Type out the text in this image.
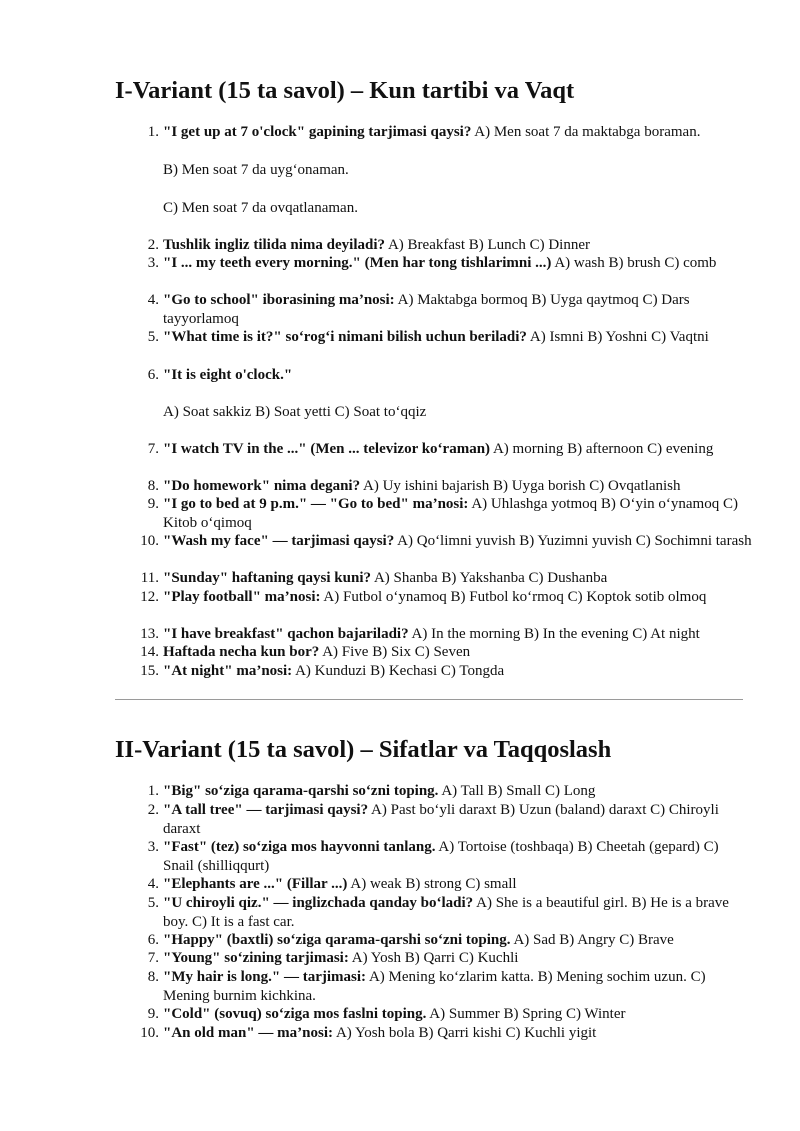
I-Variant (15 ta savol) – Kun tartibi va Vaqt
1. "I get up at 7 o'clock" gapining tarjimasi qaysi? A) Men soat 7 da maktabga boraman.
B) Men soat 7 da uyg‘onaman.
C) Men soat 7 da ovqatlanaman.
2. Tushlik ingliz tilida nima deyiladi? A) Breakfast B) Lunch C) Dinner
3. "I ... my teeth every morning." (Men har tong tishlarimni ...) A) wash B) brush C) comb
4. "Go to school" iborasining ma’nosi: A) Maktabga bormoq B) Uyga qaytmoq C) Dars tayyorlamoq
5. "What time is it?" so‘rog‘i nimani bilish uchun beriladi? A) Ismni B) Yoshni C) Vaqtni
6. "It is eight o'clock."
A) Soat sakkiz B) Soat yetti C) Soat to‘qqiz
7. "I watch TV in the ..." (Men ... televizor ko‘raman) A) morning B) afternoon C) evening
8. "Do homework" nima degani? A) Uy ishini bajarish B) Uyga borish C) Ovqatlanish
9. "I go to bed at 9 p.m." — "Go to bed" ma’nosi: A) Uhlashga yotmoq B) O‘yin o‘ynamoq C) Kitob o‘qimoq
10. "Wash my face" — tarjimasi qaysi? A) Qo‘limni yuvish B) Yuzimni yuvish C) Sochimni tarash
11. "Sunday" haftaning qaysi kuni? A) Shanba B) Yakshanba C) Dushanba
12. "Play football" ma’nosi: A) Futbol o‘ynamoq B) Futbol ko‘rmoq C) Koptok sotib olmoq
13. "I have breakfast" qachon bajariladi? A) In the morning B) In the evening C) At night
14. Haftada necha kun bor? A) Five B) Six C) Seven
15. "At night" ma’nosi: A) Kunduzi B) Kechasi C) Tongda
II-Variant (15 ta savol) – Sifatlar va Taqqoslash
1. "Big" so‘ziga qarama-qarshi so‘zni toping. A) Tall B) Small C) Long
2. "A tall tree" — tarjimasi qaysi? A) Past bo‘yli daraxt B) Uzun (baland) daraxt C) Chiroyli daraxt
3. "Fast" (tez) so‘ziga mos hayvonni tanlang. A) Tortoise (toshbaqa) B) Cheetah (gepard) C) Snail (shilliqqurt)
4. "Elephants are ..." (Fillar ...) A) weak B) strong C) small
5. "U chiroyli qiz." — inglizchada qanday bo‘ladi? A) She is a beautiful girl. B) He is a brave boy. C) It is a fast car.
6. "Happy" (baxtli) so‘ziga qarama-qarshi so‘zni toping. A) Sad B) Angry C) Brave
7. "Young" so‘zining tarjimasi: A) Yosh B) Qarri C) Kuchli
8. "My hair is long." — tarjimasi: A) Mening ko‘zlarim katta. B) Mening sochim uzun. C) Mening burnim kichkina.
9. "Cold" (sovuq) so‘ziga mos faslni toping. A) Summer B) Spring C) Winter
10. "An old man" — ma’nosi: A) Yosh bola B) Qarri kishi C) Kuchli yigit
